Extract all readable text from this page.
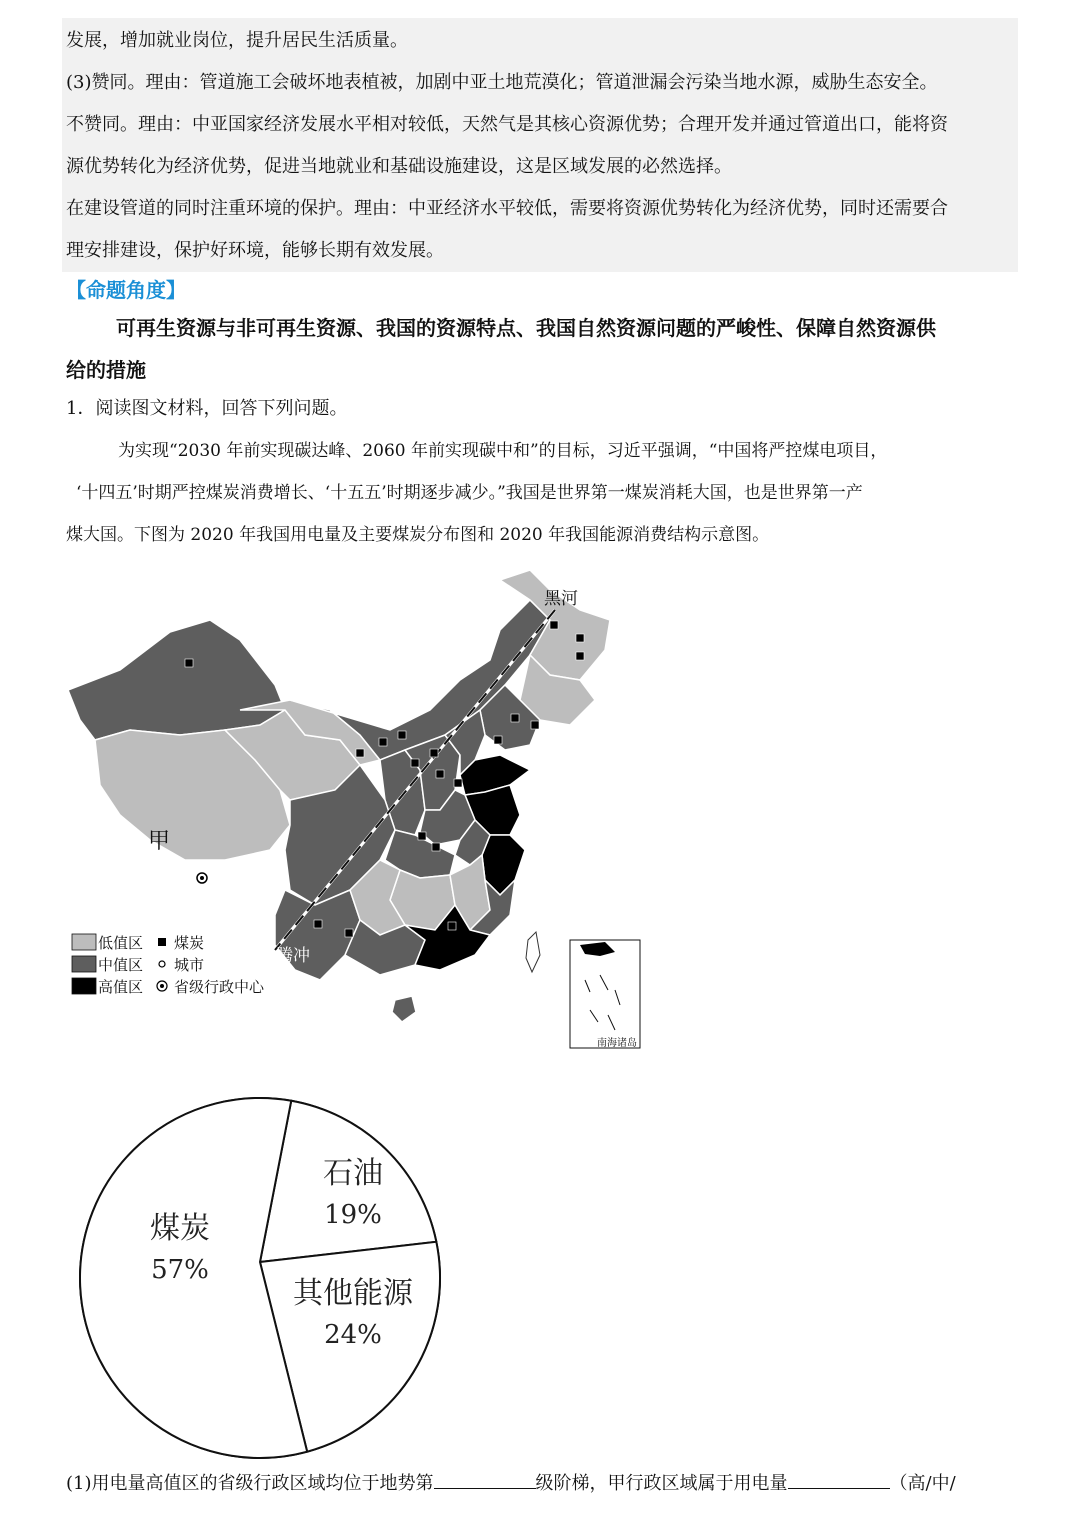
发展，增加就业岗位，提升居民生活质量。
(3)赞同。理由：管道施工会破坏地表植被，加剧中亚土地荒漠化；管道泄漏会污染当地水源，威胁生态安全。
不赞同。理由：中亚国家经济发展水平相对较低，天然气是其核心资源优势；合理开发并通过管道出口，能将资
源优势转化为经济优势，促进当地就业和基础设施建设，这是区域发展的必然选择。
在建设管道的同时注重环境的保护。理由：中亚经济水平较低，需要将资源优势转化为经济优势，同时还需要合
理安排建设，保护好环境，能够长期有效发展。
【命题角度】
可再生资源与非可再生资源、我国的资源特点、我国自然资源问题的严峻性、保障自然资源供
给的措施
1．阅读图文材料，回答下列问题。
为实现“2030 年前实现碳达峰、2060 年前实现碳中和”的目标，习近平强调，“中国将严控煤电项目，
‘十四五’时期严控煤炭消费增长、‘十五五’时期逐步减少。”我国是世界第一煤炭消耗大国，也是世界第一产
煤大国。下图为 2020 年我国用电量及主要煤炭分布图和 2020 年我国能源消费结构示意图。
黑河
腾冲
甲
南海诸岛
低值区
中值区
高值区
煤炭
城市
省级行政中心
石油
19%
其他能源
24%
煤炭
57%
(1)用电量高值区的省级行政区域均位于地势第	级阶梯，甲行政区域属于用电量	（高/中/
